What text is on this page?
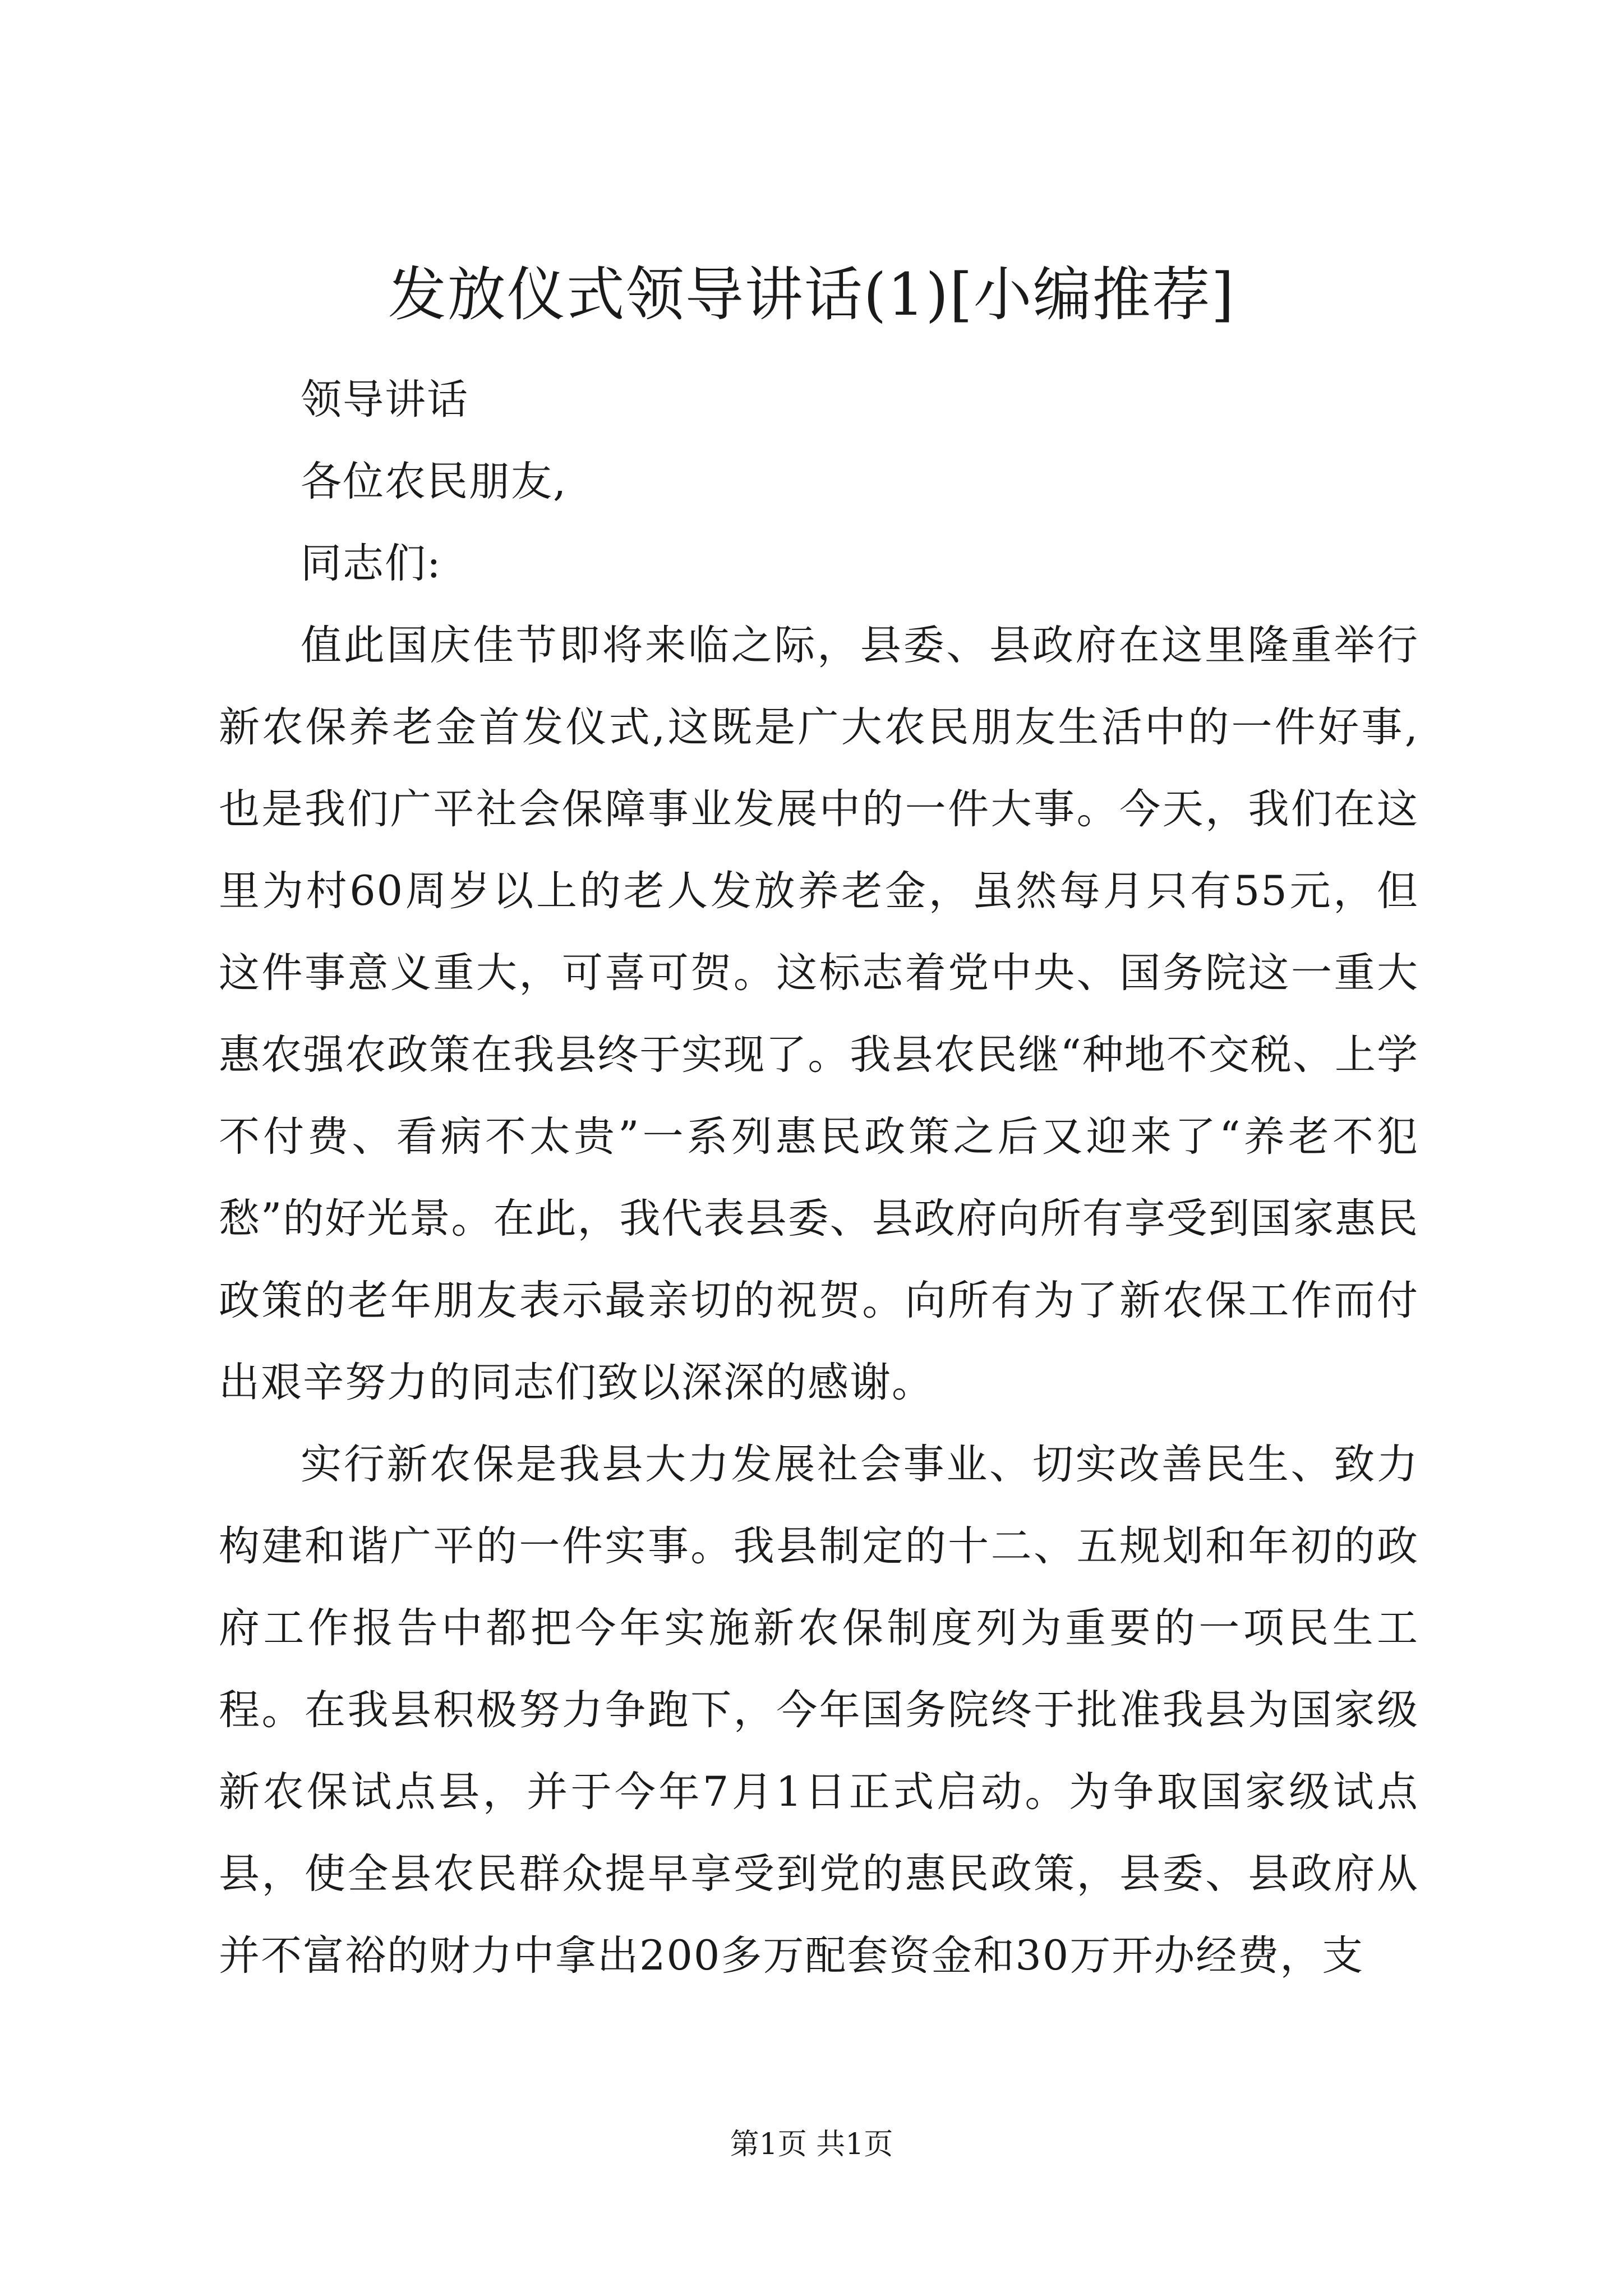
发放仪式领导讲话(1)[小编推荐]

领导讲话

各位农民朋友,

同志们:

值此国庆佳节即将来临之际，县委、县政府在这里隆重举行新农保养老金首发仪式,这既是广大农民朋友生活中的一件好事,也是我们广平社会保障事业发展中的一件大事。今天，我们在这里为村60周岁以上的老人发放养老金，虽然每月只有55元，但这件事意义重大，可喜可贺。这标志着党中央、国务院这一重大惠农强农政策在我县终于实现了。我县农民继“种地不交税、上学不付费、看病不太贵”一系列惠民政策之后又迎来了“养老不犯愁”的好光景。在此，我代表县委、县政府向所有享受到国家惠民政策的老年朋友表示最亲切的祝贺。向所有为了新农保工作而付出艰辛努力的同志们致以深深的感谢。

实行新农保是我县大力发展社会事业、切实改善民生、致力构建和谐广平的一件实事。我县制定的十二、五规划和年初的政府工作报告中都把今年实施新农保制度列为重要的一项民生工程。在我县积极努力争跑下，今年国务院终于批准我县为国家级新农保试点县，并于今年7月1日正式启动。为争取国家级试点县，使全县农民群众提早享受到党的惠民政策，县委、县政府从并不富裕的财力中拿出200多万配套资金和30万开办经费，支

第1页 共1页
